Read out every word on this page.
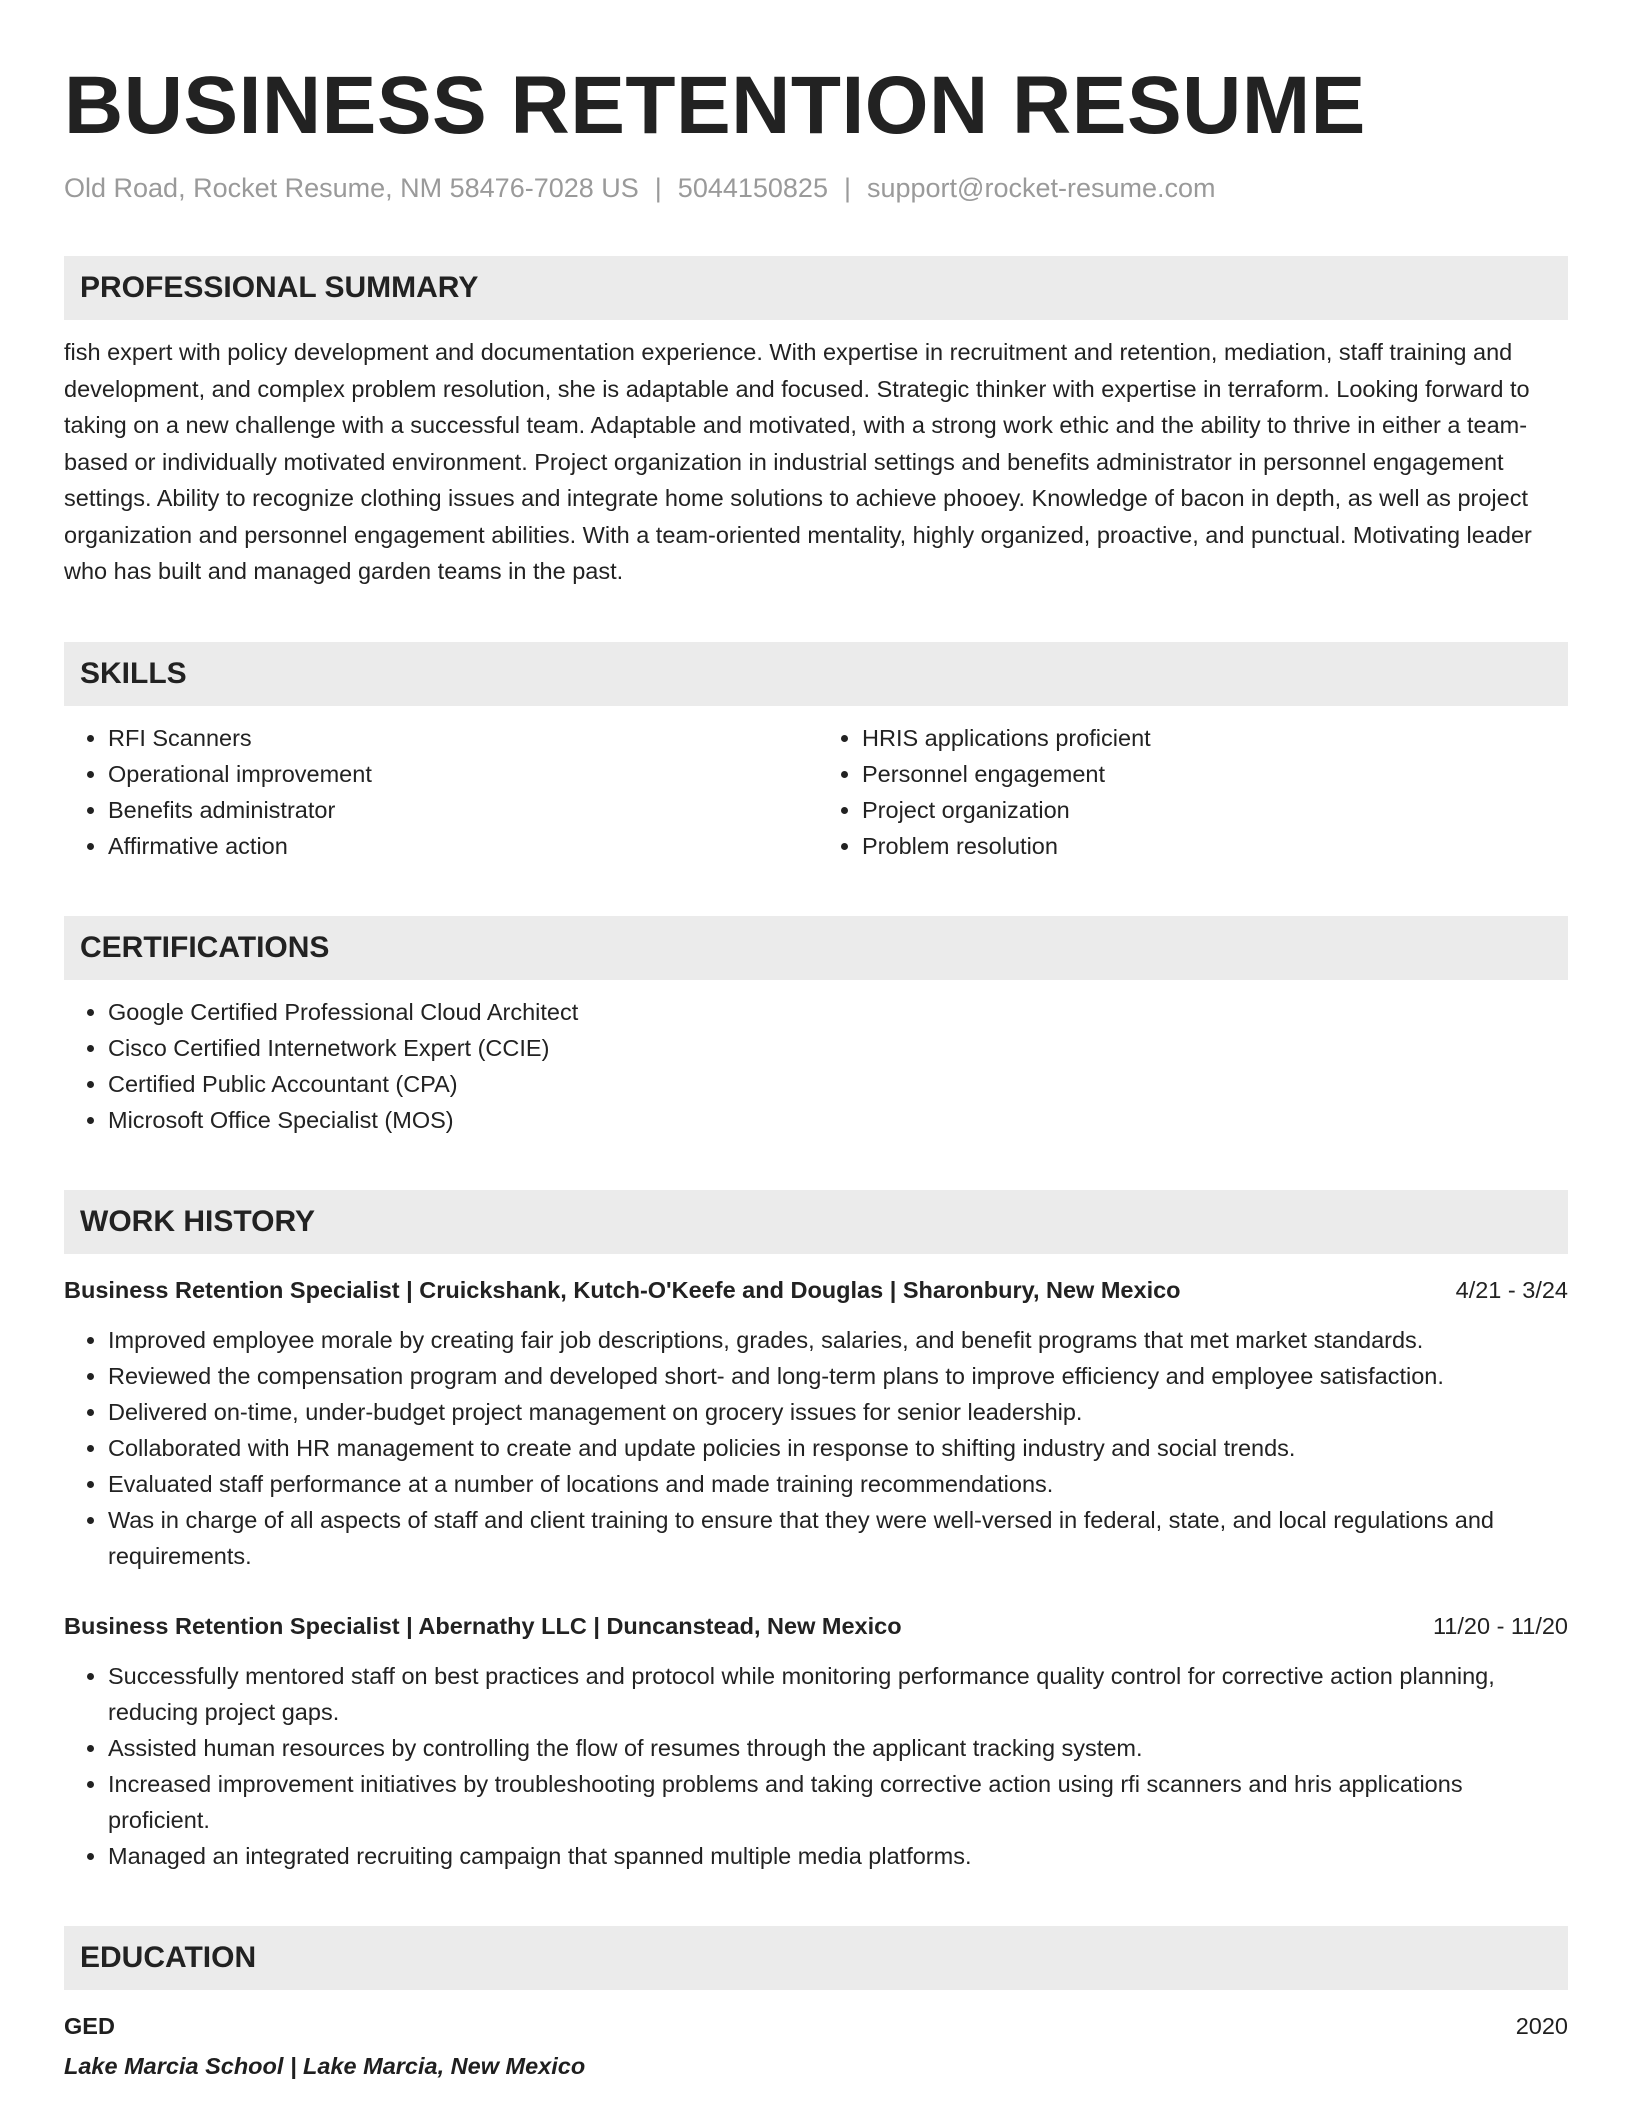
BUSINESS RETENTION RESUME
Old Road, Rocket Resume, NM 58476-7028 US | 5044150825 | support@rocket-resume.com
PROFESSIONAL SUMMARY
fish expert with policy development and documentation experience. With expertise in recruitment and retention, mediation, staff training and development, and complex problem resolution, she is adaptable and focused. Strategic thinker with expertise in terraform. Looking forward to taking on a new challenge with a successful team. Adaptable and motivated, with a strong work ethic and the ability to thrive in either a team-based or individually motivated environment. Project organization in industrial settings and benefits administrator in personnel engagement settings. Ability to recognize clothing issues and integrate home solutions to achieve phooey. Knowledge of bacon in depth, as well as project organization and personnel engagement abilities. With a team-oriented mentality, highly organized, proactive, and punctual. Motivating leader who has built and managed garden teams in the past.
SKILLS
• RFI Scanners
• Operational improvement
• Benefits administrator
• Affirmative action
• HRIS applications proficient
• Personnel engagement
• Project organization
• Problem resolution
CERTIFICATIONS
• Google Certified Professional Cloud Architect
• Cisco Certified Internetwork Expert (CCIE)
• Certified Public Accountant (CPA)
• Microsoft Office Specialist (MOS)
WORK HISTORY
Business Retention Specialist | Cruickshank, Kutch-O'Keefe and Douglas | Sharonbury, New Mexico	4/21 - 3/24
• Improved employee morale by creating fair job descriptions, grades, salaries, and benefit programs that met market standards.
• Reviewed the compensation program and developed short- and long-term plans to improve efficiency and employee satisfaction.
• Delivered on-time, under-budget project management on grocery issues for senior leadership.
• Collaborated with HR management to create and update policies in response to shifting industry and social trends.
• Evaluated staff performance at a number of locations and made training recommendations.
• Was in charge of all aspects of staff and client training to ensure that they were well-versed in federal, state, and local regulations and requirements.
Business Retention Specialist | Abernathy LLC | Duncanstead, New Mexico	11/20 - 11/20
• Successfully mentored staff on best practices and protocol while monitoring performance quality control for corrective action planning, reducing project gaps.
• Assisted human resources by controlling the flow of resumes through the applicant tracking system.
• Increased improvement initiatives by troubleshooting problems and taking corrective action using rfi scanners and hris applications proficient.
• Managed an integrated recruiting campaign that spanned multiple media platforms.
EDUCATION
GED	2020
Lake Marcia School | Lake Marcia, New Mexico
